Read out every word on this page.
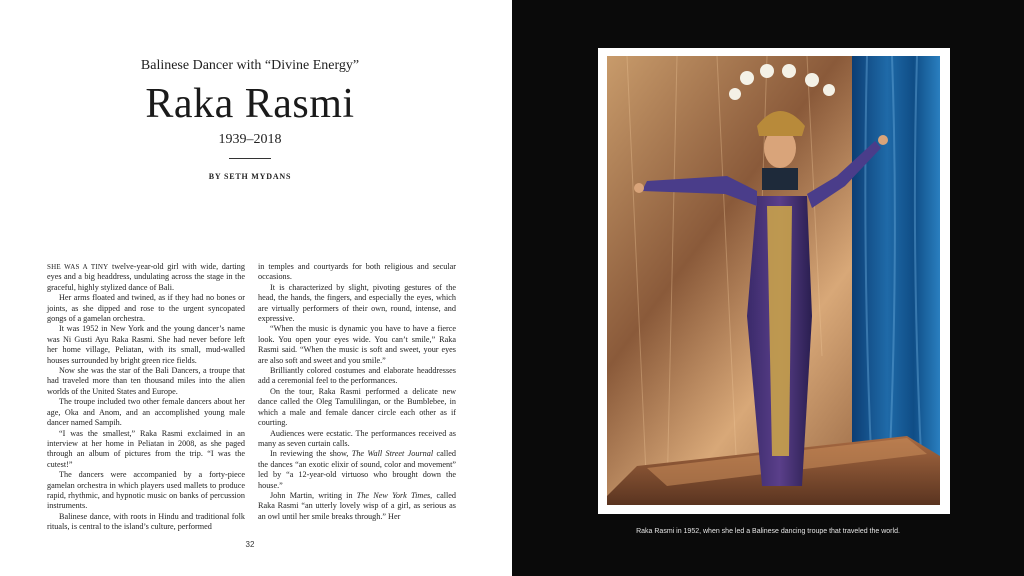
Balinese Dancer with “Divine Energy”
Raka Rasmi
1939–2018
BY SETH MYDANS

SHE WAS A TINY twelve-year-old girl with wide, darting eyes and a big headdress, undulating across the stage in the graceful, highly stylized dance of Bali.

Her arms floated and twined, as if they had no bones or joints, as she dipped and rose to the urgent syncopated gongs of a gamelan orchestra.

It was 1952 in New York and the young dancer’s name was Ni Gusti Ayu Raka Rasmi. She had never before left her home village, Peliatan, with its small, mud-walled houses surrounded by bright green rice fields.

Now she was the star of the Bali Dancers, a troupe that had traveled more than ten thousand miles into the alien worlds of the United States and Europe.

The troupe included two other female dancers about her age, Oka and Anom, and an accomplished young male dancer named Sampih.

“I was the smallest,” Raka Rasmi exclaimed in an interview at her home in Peliatan in 2008, as she paged through an album of pictures from the trip. “I was the cutest!”

The dancers were accompanied by a forty-piece gamelan orchestra in which players used mallets to produce rapid, rhythmic, and hypnotic music on banks of percussion instruments.

Balinese dance, with roots in Hindu and traditional folk rituals, is central to the island’s culture, performed

in temples and courtyards for both religious and secular occasions.

It is characterized by slight, pivoting gestures of the head, the hands, the fingers, and especially the eyes, which are virtually performers of their own, round, intense, and expressive.

“When the music is dynamic you have to have a fierce look. You open your eyes wide. You can’t smile,” Raka Rasmi said. “When the music is soft and sweet, your eyes are also soft and sweet and you smile.”

Brilliantly colored costumes and elaborate headdresses add a ceremonial feel to the performances.

On the tour, Raka Rasmi performed a delicate new dance called the Oleg Tamulilingan, or the Bumblebee, in which a male and female dancer circle each other as if courting.

Audiences were ecstatic. The performances received as many as seven curtain calls.

In reviewing the show, The Wall Street Journal called the dances “an exotic elixir of sound, color and movement” led by “a 12-year-old virtuoso who brought down the house.”

John Martin, writing in The New York Times, called Raka Rasmi “an utterly lovely wisp of a girl, as serious as an owl until her smile breaks through.” Her

32
Raka Rasmi in 1952, when she led a Balinese dancing troupe that traveled the world.
